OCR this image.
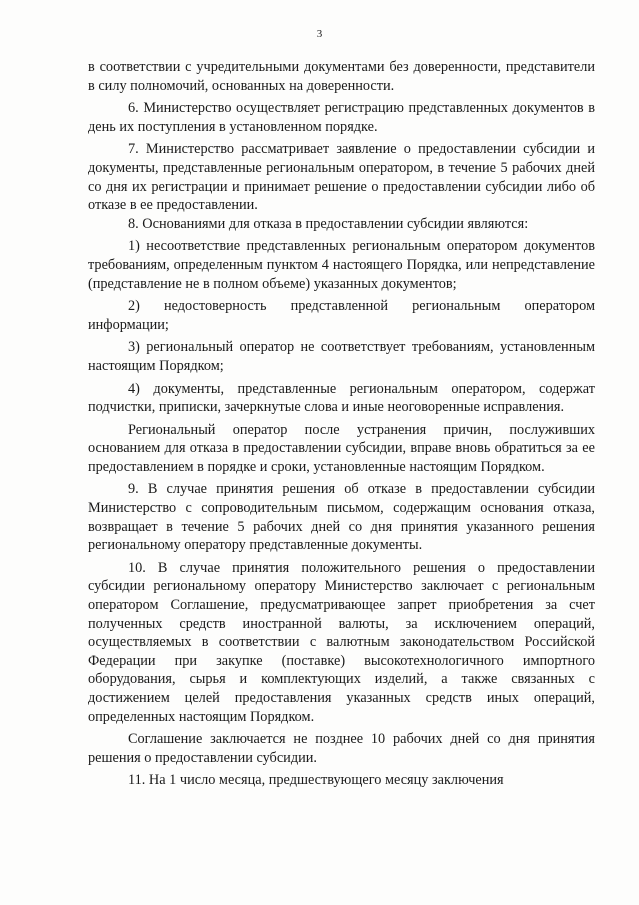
3

в соответствии с учредительными документами без доверенности, представители в силу полномочий, основанных на доверенности.

6. Министерство осуществляет регистрацию представленных документов в день их поступления в установленном порядке.

7. Министерство рассматривает заявление о предоставлении субсидии и документы, представленные региональным оператором, в течение 5 рабочих дней со дня их регистрации и принимает решение о предоставлении субсидии либо об отказе в ее предоставлении.

8. Основаниями для отказа в предоставлении субсидии являются:

1) несоответствие представленных региональным оператором документов требованиям, определенным пунктом 4 настоящего Порядка, или непредставление (представление не в полном объеме) указанных документов;

2) недостоверность представленной региональным оператором информации;

3) региональный оператор не соответствует требованиям, установленным настоящим Порядком;

4) документы, представленные региональным оператором, содержат подчистки, приписки, зачеркнутые слова и иные неоговоренные исправления.

Региональный оператор после устранения причин, послуживших основанием для отказа в предоставлении субсидии, вправе вновь обратиться за ее предоставлением в порядке и сроки, установленные настоящим Порядком.

9. В случае принятия решения об отказе в предоставлении субсидии Министерство с сопроводительным письмом, содержащим основания отказа, возвращает в течение 5 рабочих дней со дня принятия указанного решения региональному оператору представленные документы.

10. В случае принятия положительного решения о предоставлении субсидии региональному оператору Министерство заключает с региональным оператором Соглашение, предусматривающее запрет приобретения за счет полученных средств иностранной валюты, за исключением операций, осуществляемых в соответствии с валютным законодательством Российской Федерации при закупке (поставке) высокотехнологичного импортного оборудования, сырья и комплектующих изделий, а также связанных с достижением целей предоставления указанных средств иных операций, определенных настоящим Порядком.

Соглашение заключается не позднее 10 рабочих дней со дня принятия решения о предоставлении субсидии.

11. На 1 число месяца, предшествующего месяцу заключения
